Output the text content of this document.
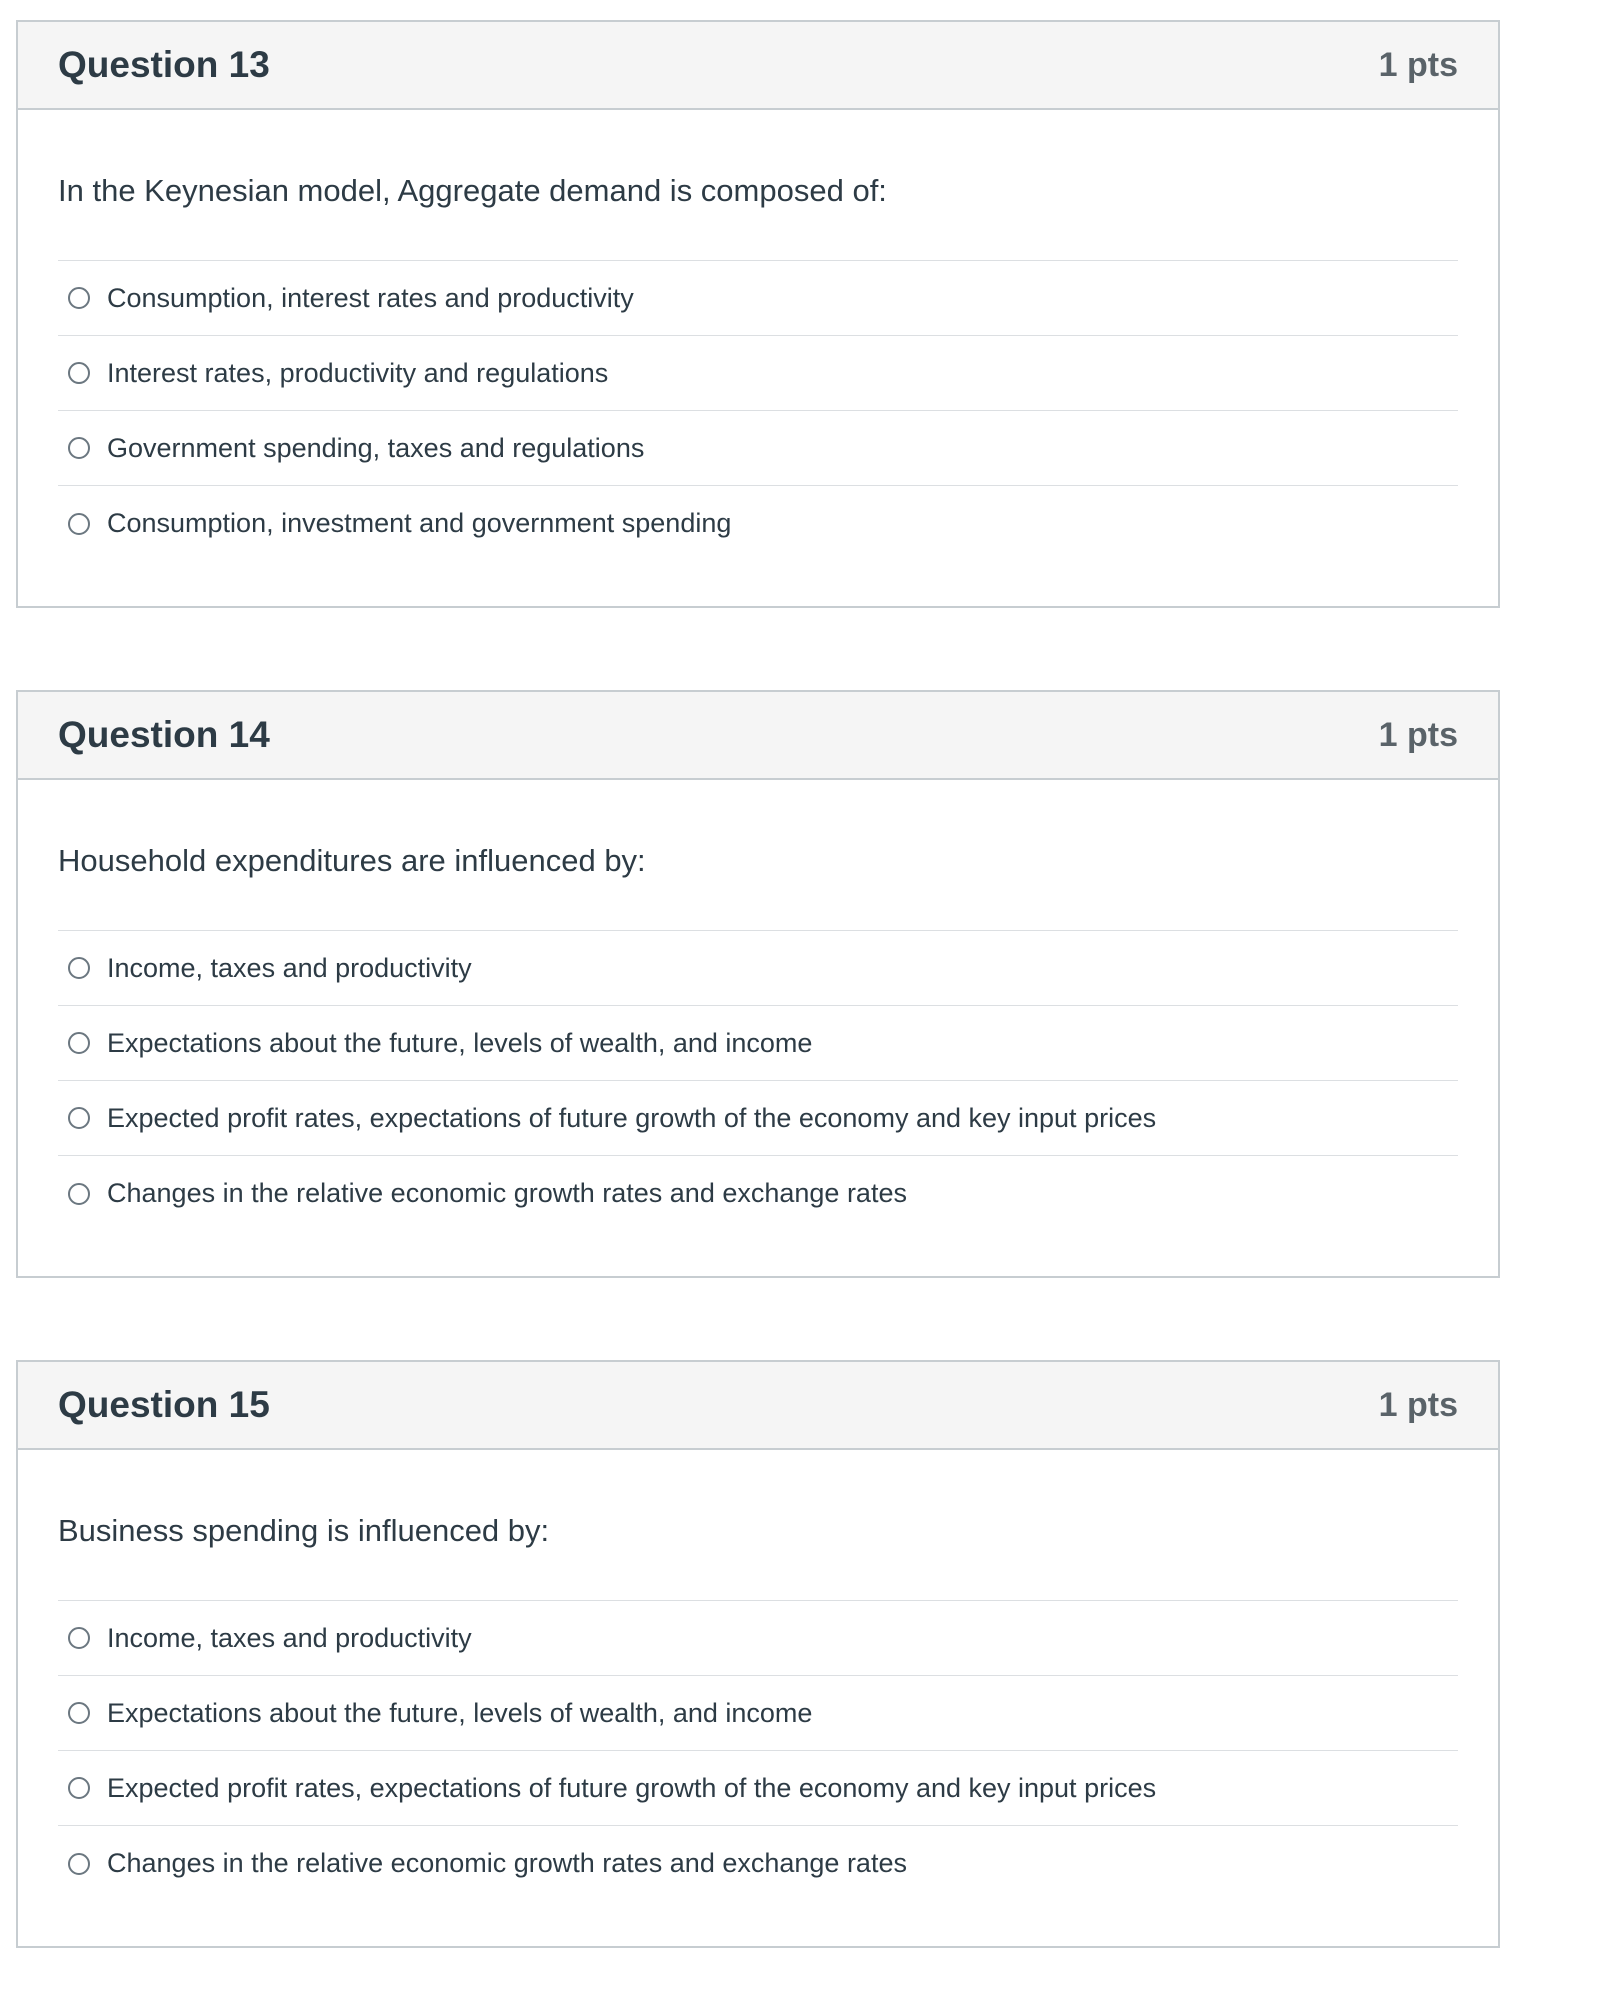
Question 13	1 pts

In the Keynesian model, Aggregate demand is composed of:

Consumption, interest rates and productivity
Interest rates, productivity and regulations
Government spending, taxes and regulations
Consumption, investment and government spending
Question 14	1 pts

Household expenditures are influenced by:

Income, taxes and productivity
Expectations about the future, levels of wealth, and income
Expected profit rates, expectations of future growth of the economy and key input prices
Changes in the relative economic growth rates and exchange rates
Question 15	1 pts

Business spending is influenced by:

Income, taxes and productivity
Expectations about the future, levels of wealth, and income
Expected profit rates, expectations of future growth of the economy and key input prices
Changes in the relative economic growth rates and exchange rates
